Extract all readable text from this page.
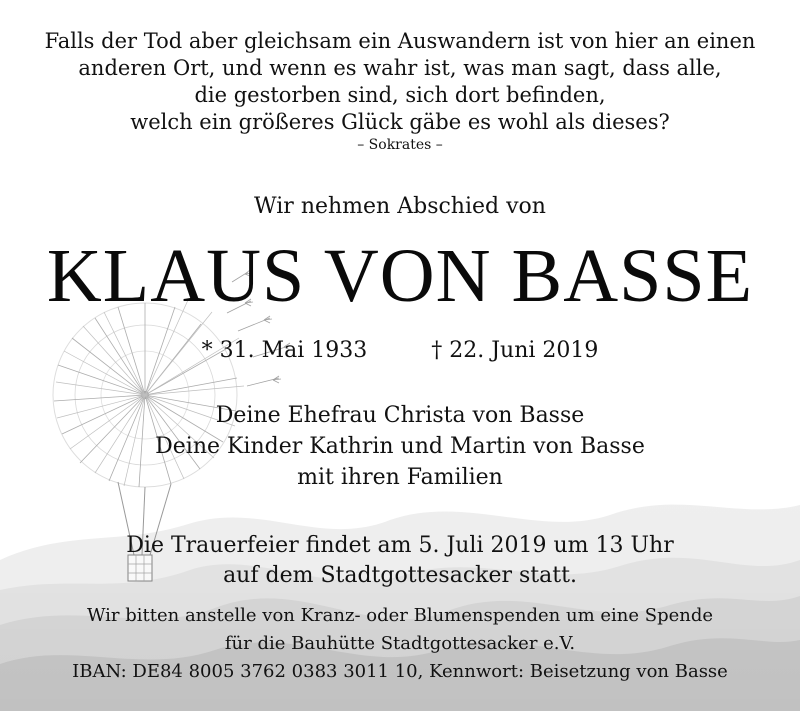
Falls der Tod aber gleichsam ein Auswandern ist von hier an einen
anderen Ort, und wenn es wahr ist, was man sagt, dass alle,
die gestorben sind, sich dort befinden,
welch ein größeres Glück gäbe es wohl als dieses?
– Sokrates –
Wir nehmen Abschied von
KLAUS VON BASSE
* 31. Mai 1933	† 22. Juni 2019
Deine Ehefrau Christa von Basse
Deine Kinder Kathrin und Martin von Basse
mit ihren Familien
Die Trauerfeier findet am 5. Juli 2019 um 13 Uhr
auf dem Stadtgottesacker statt.
Wir bitten anstelle von Kranz- oder Blumenspenden um eine Spende
für die Bauhütte Stadtgottesacker e.V.
IBAN: DE84 8005 3762 0383 3011 10, Kennwort: Beisetzung von Basse
